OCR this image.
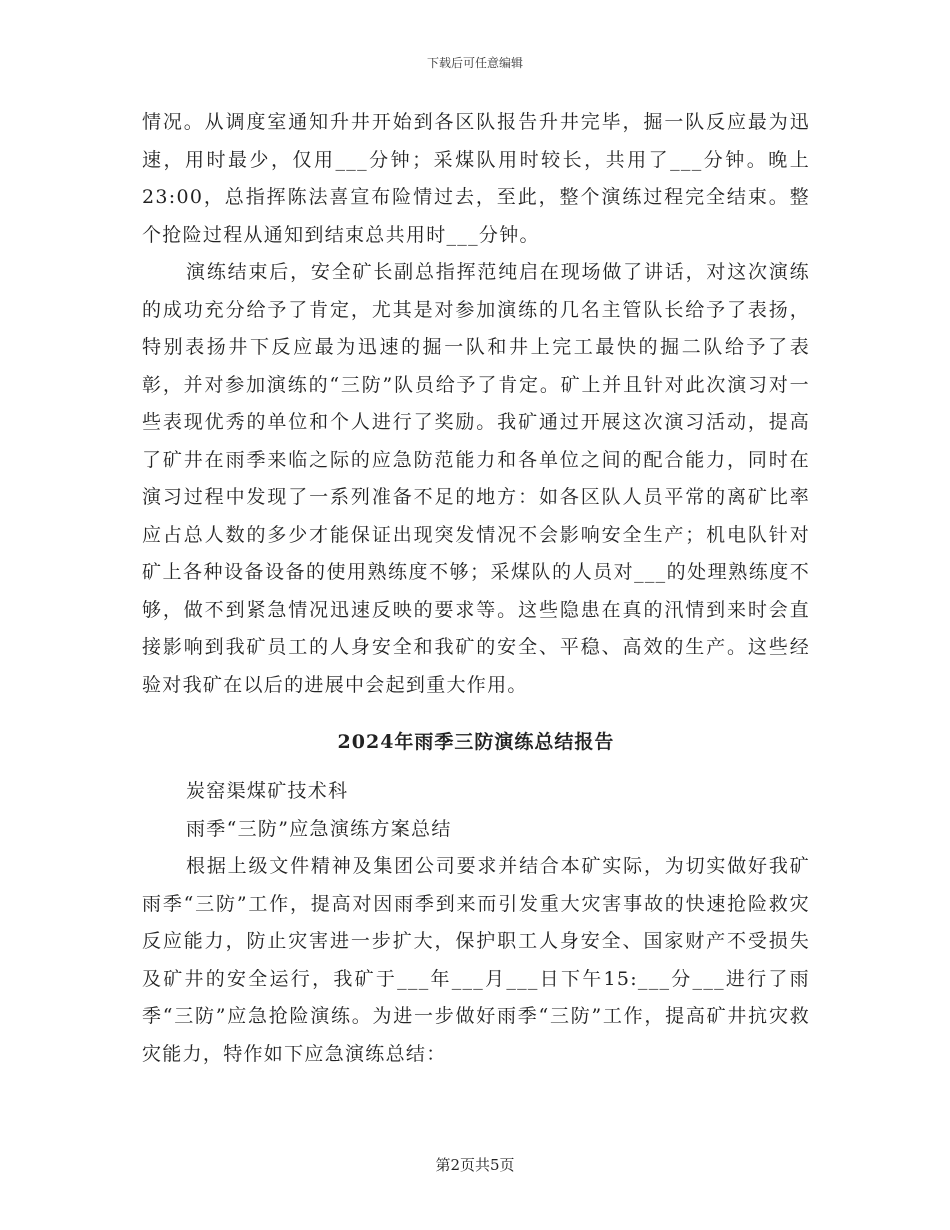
下载后可任意编辑

情况。从调度室通知升井开始到各区队报告升井完毕，掘一队反应最为迅速，用时最少，仅用___分钟；采煤队用时较长，共用了___分钟。晚上23:00，总指挥陈法喜宣布险情过去，至此，整个演练过程完全结束。整个抢险过程从通知到结束总共用时___分钟。

演练结束后，安全矿长副总指挥范纯启在现场做了讲话，对这次演练的成功充分给予了肯定，尤其是对参加演练的几名主管队长给予了表扬，特别表扬井下反应最为迅速的掘一队和井上完工最快的掘二队给予了表彰，并对参加演练的“三防”队员给予了肯定。矿上并且针对此次演习对一些表现优秀的单位和个人进行了奖励。我矿通过开展这次演习活动，提高了矿井在雨季来临之际的应急防范能力和各单位之间的配合能力，同时在演习过程中发现了一系列准备不足的地方：如各区队人员平常的离矿比率应占总人数的多少才能保证出现突发情况不会影响安全生产；机电队针对矿上各种设备设备的使用熟练度不够；采煤队的人员对___的处理熟练度不够，做不到紧急情况迅速反映的要求等。这些隐患在真的汛情到来时会直接影响到我矿员工的人身安全和我矿的安全、平稳、高效的生产。这些经验对我矿在以后的进展中会起到重大作用。

2024年雨季三防演练总结报告

炭窑渠煤矿技术科

雨季“三防”应急演练方案总结

根据上级文件精神及集团公司要求并结合本矿实际，为切实做好我矿雨季“三防”工作，提高对因雨季到来而引发重大灾害事故的快速抢险救灾反应能力，防止灾害进一步扩大，保护职工人身安全、国家财产不受损失及矿井的安全运行，我矿于___年___月___日下午15:___分___进行了雨季“三防”应急抢险演练。为进一步做好雨季“三防”工作，提高矿井抗灾救灾能力，特作如下应急演练总结：

第2页共5页
